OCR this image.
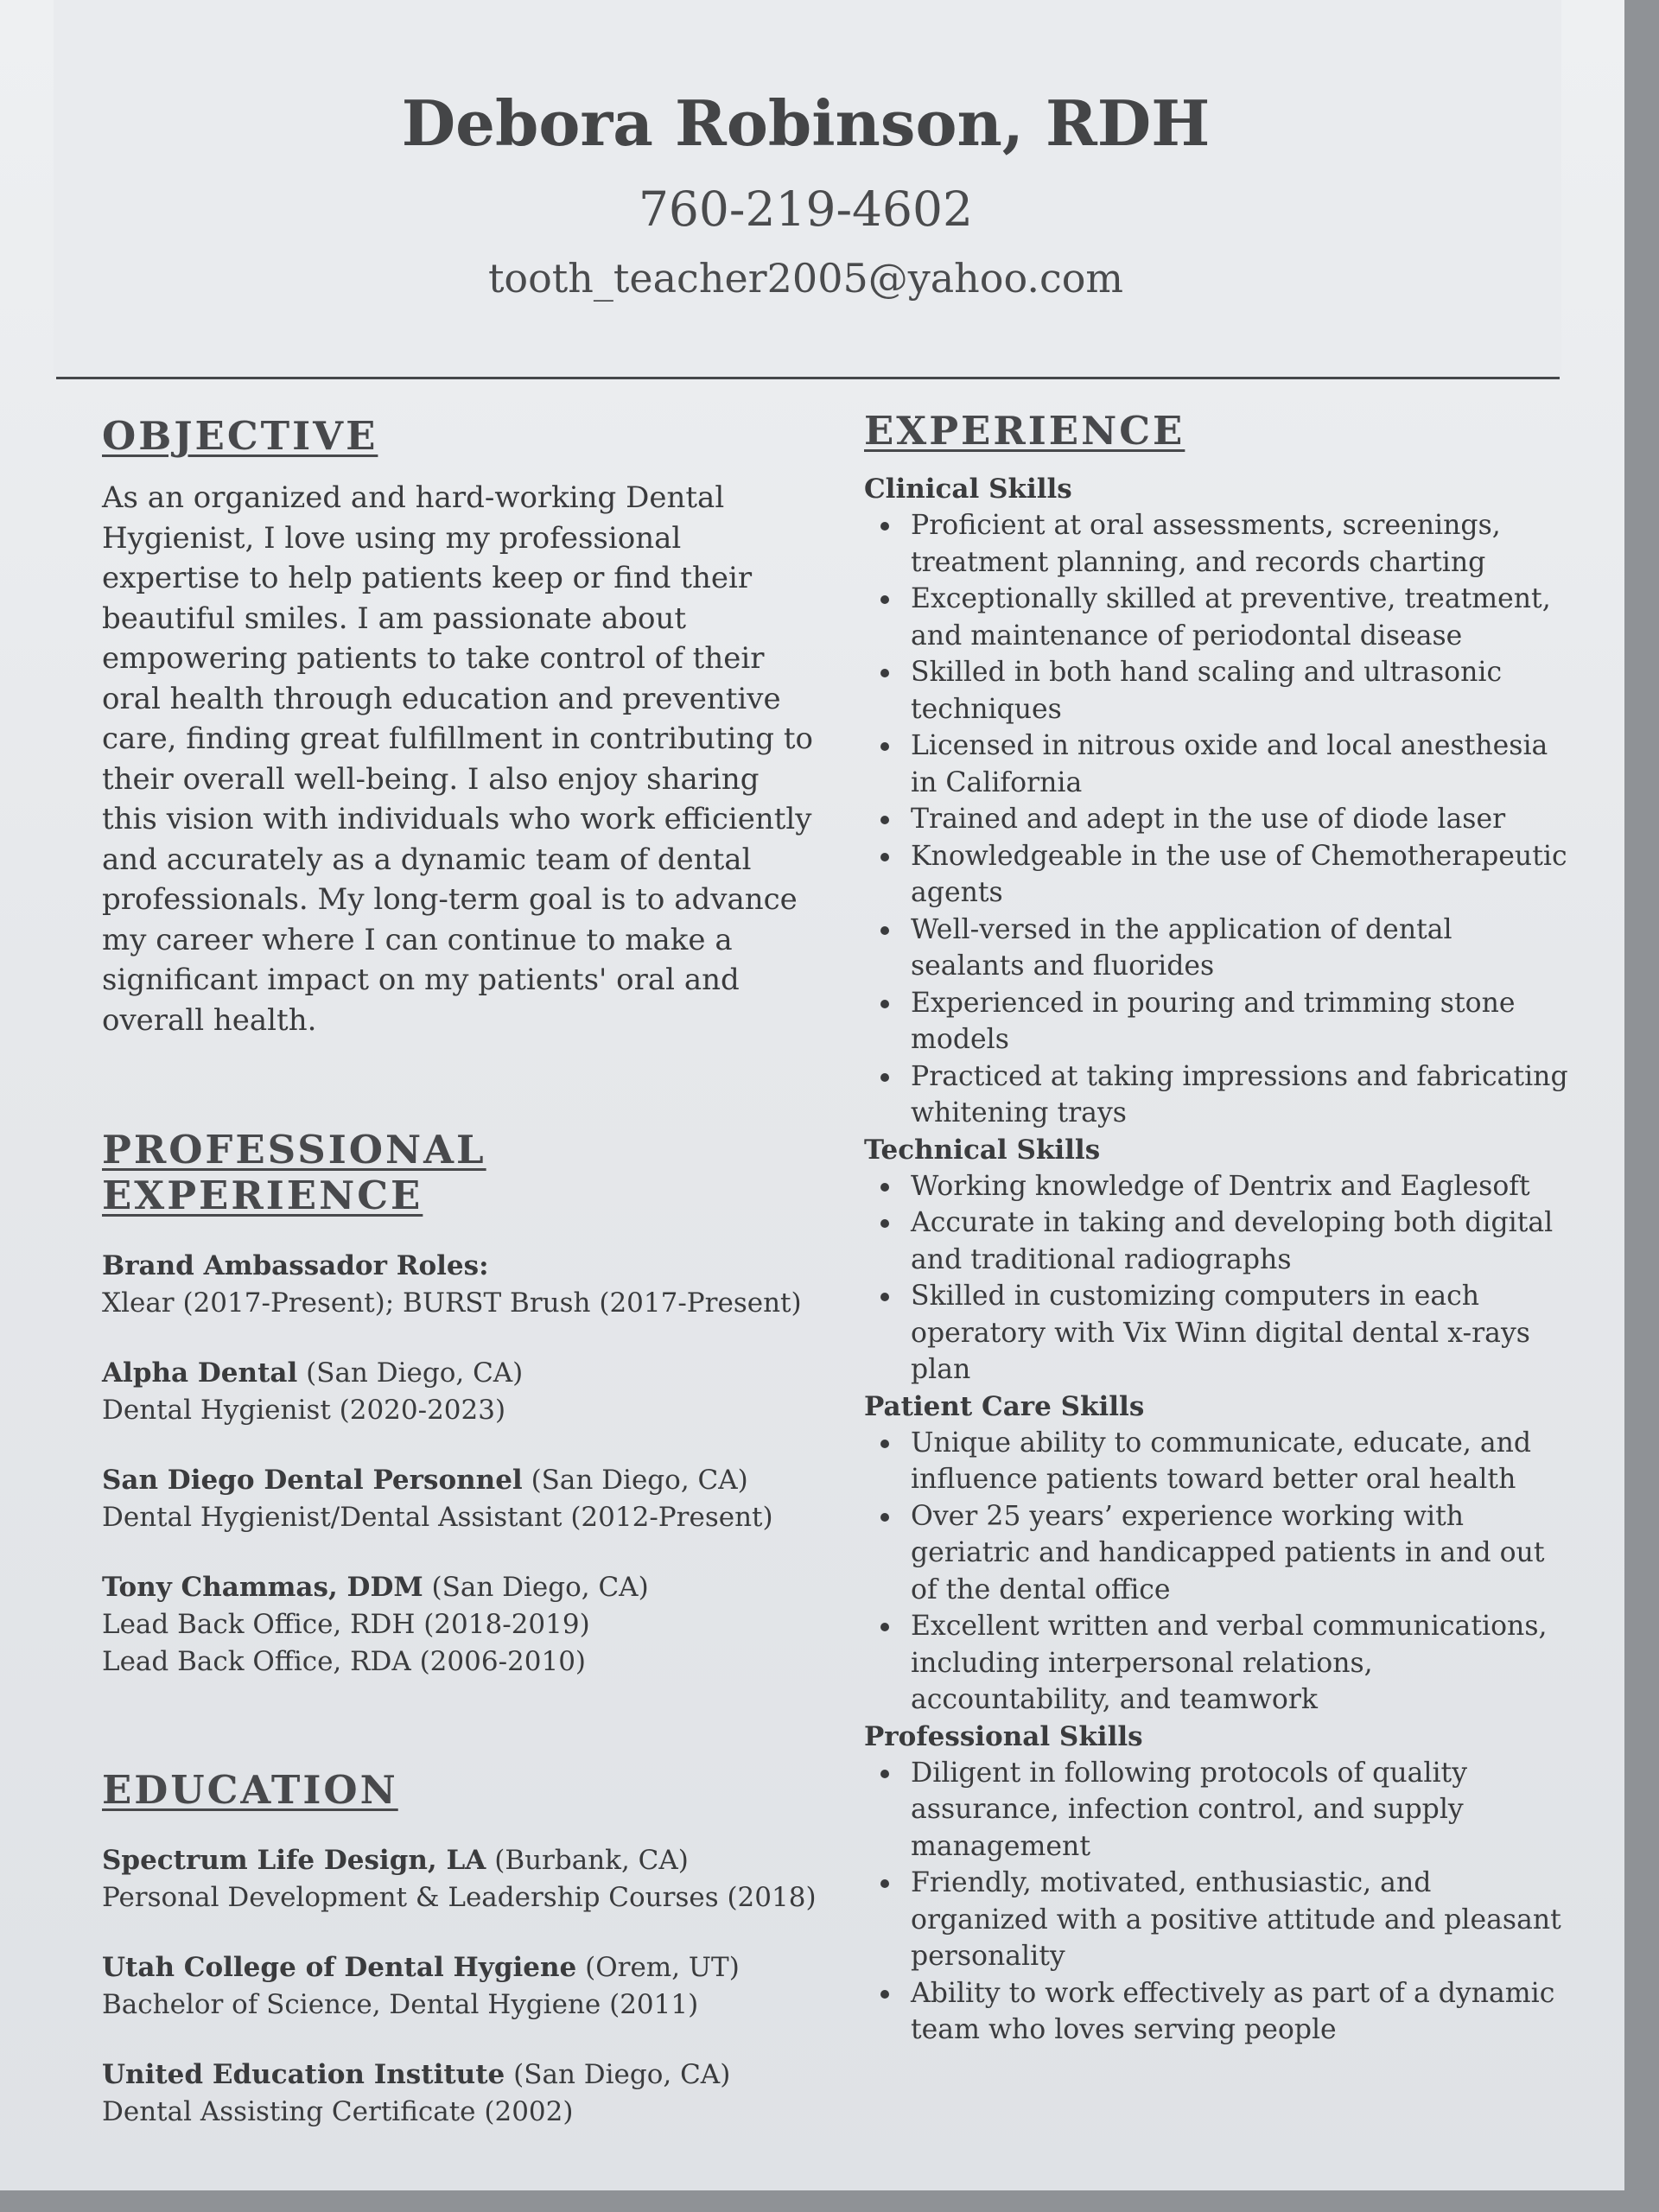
Debora Robinson, RDH
760-219-4602
tooth_teacher2005@yahoo.com
OBJECTIVE
As an organized and hard-working Dental Hygienist, I love using my professional expertise to help patients keep or find their beautiful smiles. I am passionate about empowering patients to take control of their oral health through education and preventive care, finding great fulfillment in contributing to their overall well-being. I also enjoy sharing this vision with individuals who work efficiently and accurately as a dynamic team of dental professionals. My long-term goal is to advance my career where I can continue to make a significant impact on my patients' oral and overall health.
PROFESSIONAL EXPERIENCE
Brand Ambassador Roles:
Xlear (2017-Present); BURST Brush (2017-Present)
Alpha Dental (San Diego, CA)
Dental Hygienist (2020-2023)
San Diego Dental Personnel (San Diego, CA)
Dental Hygienist/Dental Assistant (2012-Present)
Tony Chammas, DDM (San Diego, CA)
Lead Back Office, RDH (2018-2019)
Lead Back Office, RDA (2006-2010)
EDUCATION
Spectrum Life Design, LA (Burbank, CA)
Personal Development & Leadership Courses (2018)
Utah College of Dental Hygiene (Orem, UT)
Bachelor of Science, Dental Hygiene (2011)
United Education Institute (San Diego, CA)
Dental Assisting Certificate (2002)
EXPERIENCE
Clinical Skills
Proficient at oral assessments, screenings, treatment planning, and records charting
Exceptionally skilled at preventive, treatment, and maintenance of periodontal disease
Skilled in both hand scaling and ultrasonic techniques
Licensed in nitrous oxide and local anesthesia in California
Trained and adept in the use of diode laser
Knowledgeable in the use of Chemotherapeutic agents
Well-versed in the application of dental sealants and fluorides
Experienced in pouring and trimming stone models
Practiced at taking impressions and fabricating whitening trays
Technical Skills
Working knowledge of Dentrix and Eaglesoft
Accurate in taking and developing both digital and traditional radiographs
Skilled in customizing computers in each operatory with Vix Winn digital dental x-rays plan
Patient Care Skills
Unique ability to communicate, educate, and influence patients toward better oral health
Over 25 years’ experience working with geriatric and handicapped patients in and out of the dental office
Excellent written and verbal communications, including interpersonal relations, accountability, and teamwork
Professional Skills
Diligent in following protocols of quality assurance, infection control, and supply management
Friendly, motivated, enthusiastic, and organized with a positive attitude and pleasant personality
Ability to work effectively as part of a dynamic team who loves serving people
